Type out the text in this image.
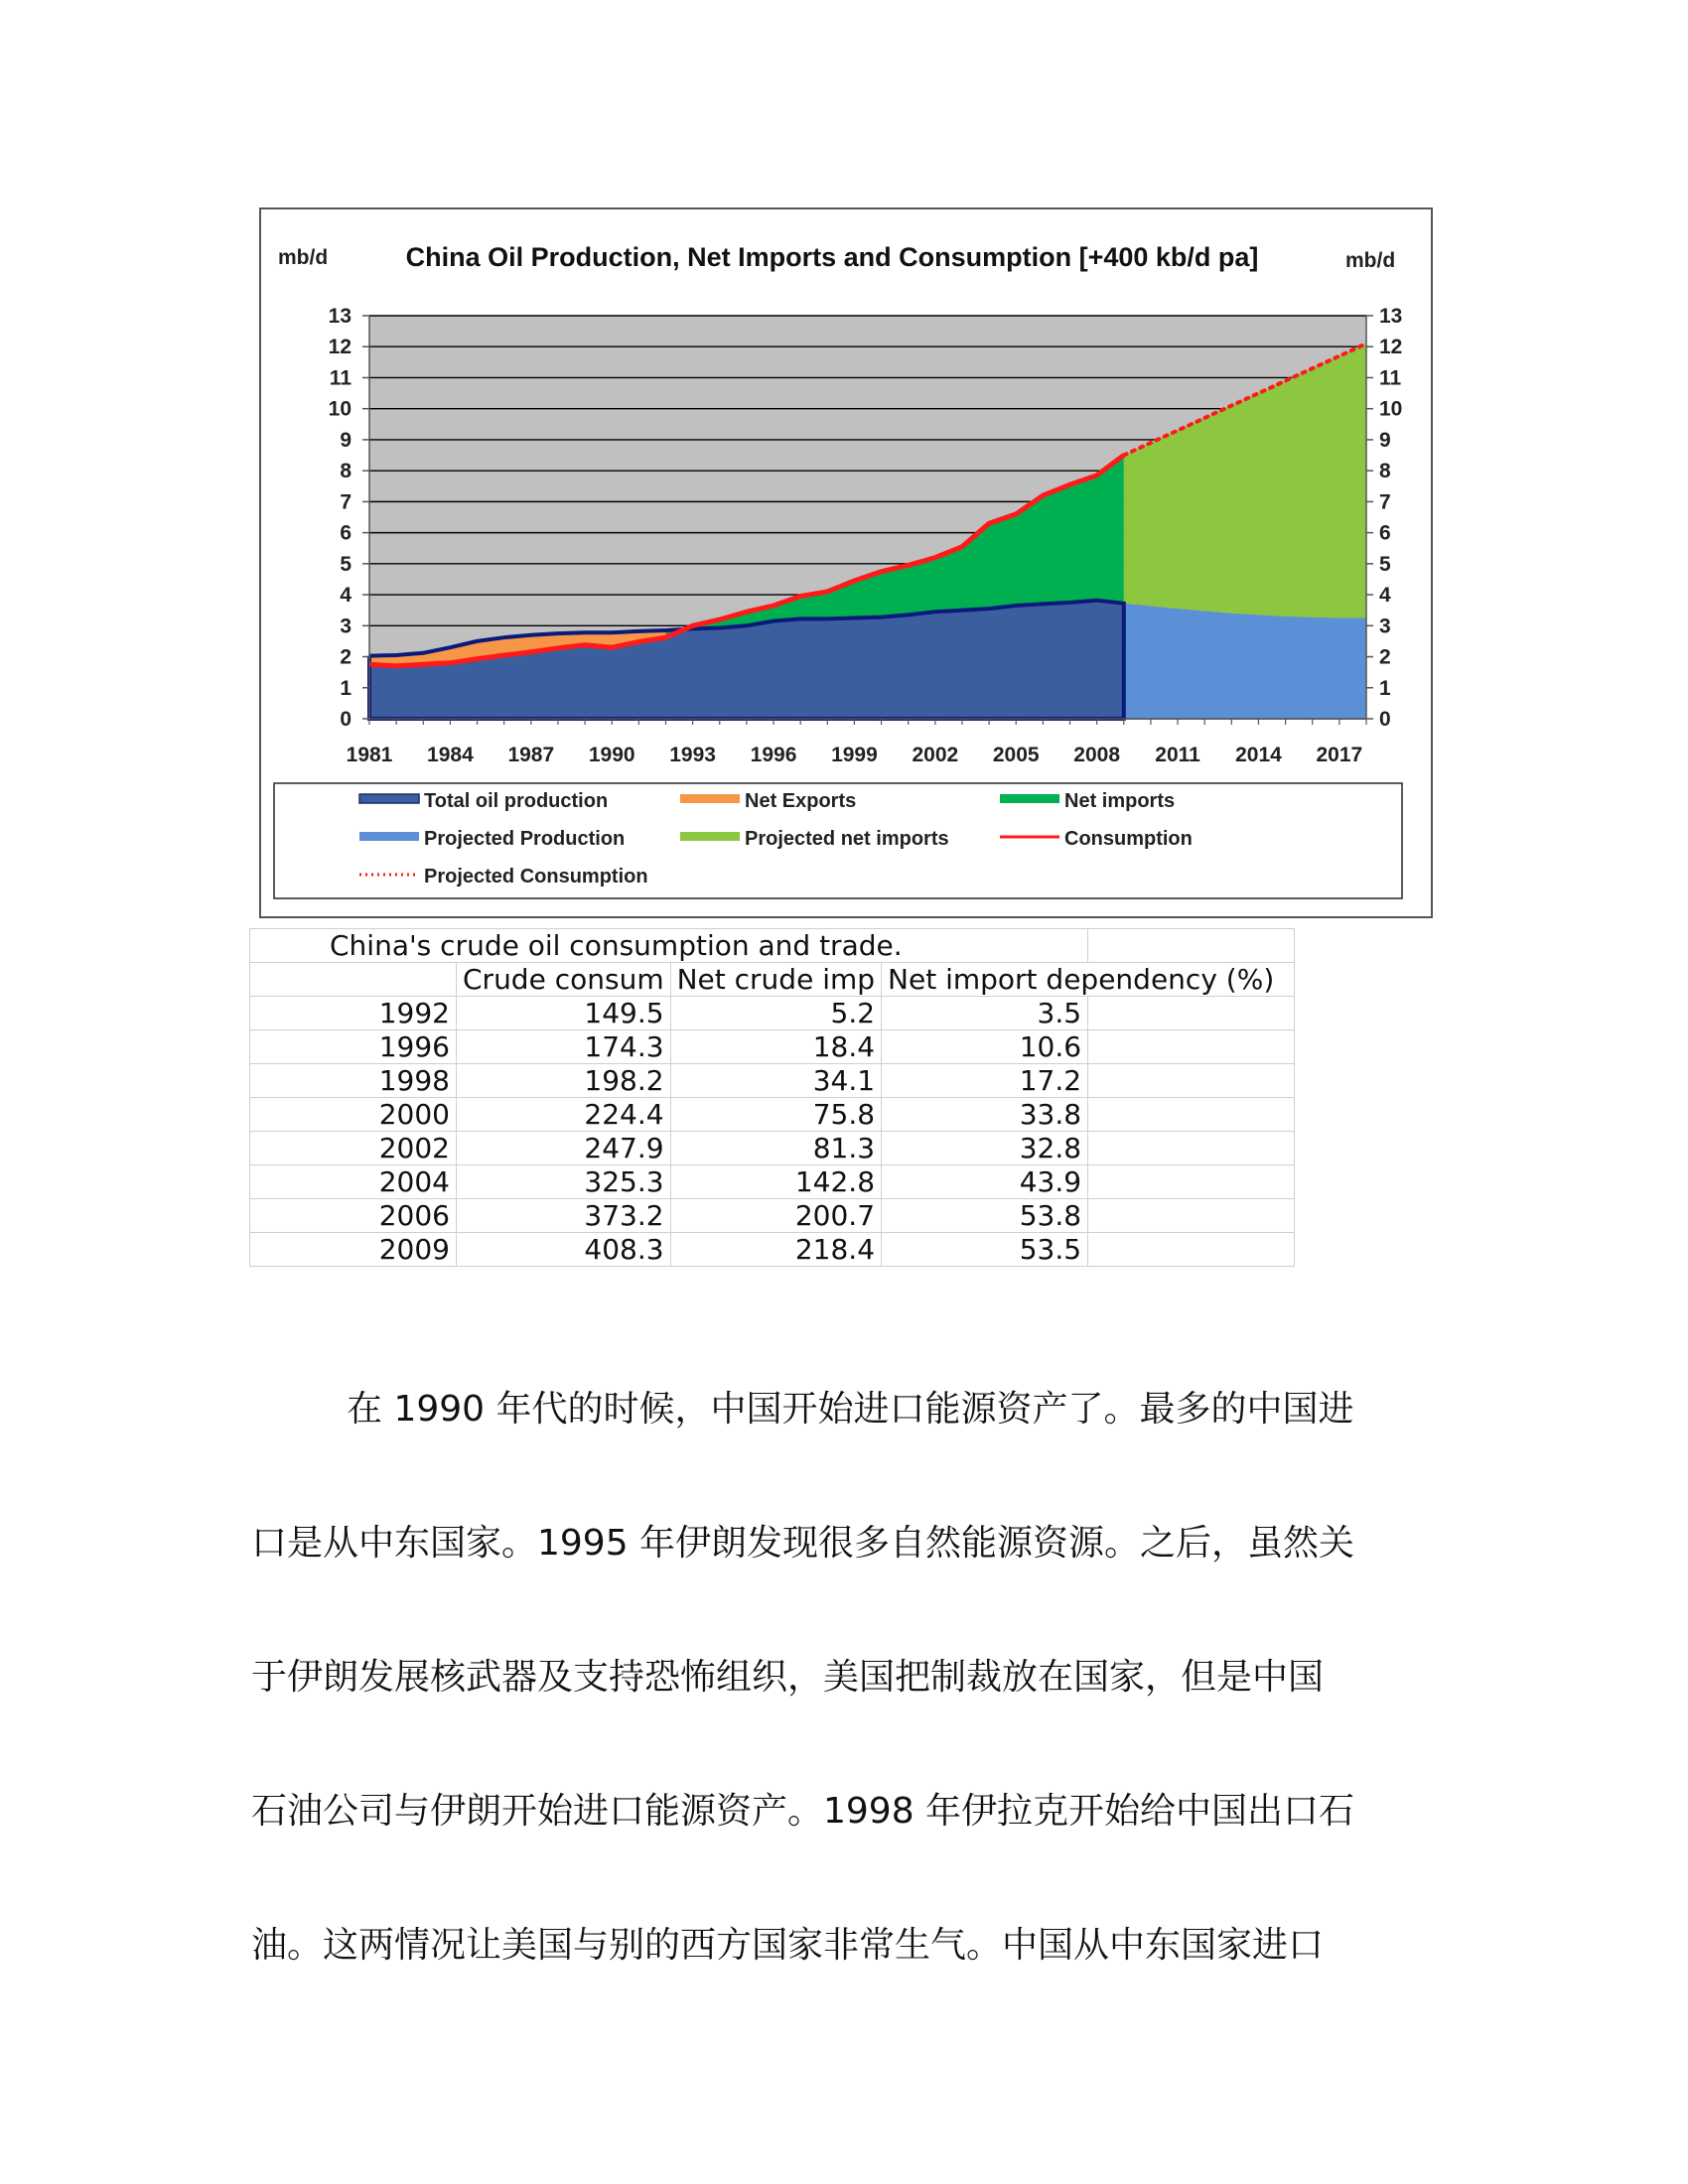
mb/d	mb/d
China Oil Production, Net Imports and Consumption [+400 kb/d pa]
0	0
1	1
2	2
3	3
4	4
5	5
6	6
7	7
8	8
9	9
10	10
11	11
12	12
13	13
1981 1984 1987 1990 1993 1996 1999 2002 2005 2008 2011 2014 2017
Total oil production	Net Exports	Net imports
Projected Production	Projected net imports	Consumption
Projected Consumption
China's crude oil consumption and trade.				
	Crude consum	Net crude imp	Net import dependency (%)	
1992	149.5	5.2	3.5	
1996	174.3	18.4	10.6	
1998	198.2	34.1	17.2	
2000	224.4	75.8	33.8	
2002	247.9	81.3	32.8	
2004	325.3	142.8	43.9	
2006	373.2	200.7	53.8	
2009	408.3	218.4	53.5	
在 1990 年代的时候，中国开始进口能源资产了。最多的中国进
口是从中东国家。1995 年伊朗发现很多自然能源资源。之后，虽然关
于伊朗发展核武器及支持恐怖组织，美国把制裁放在国家，但是中国
石油公司与伊朗开始进口能源资产。1998 年伊拉克开始给中国出口石
油。这两情况让美国与别的西方国家非常生气。中国从中东国家进口
